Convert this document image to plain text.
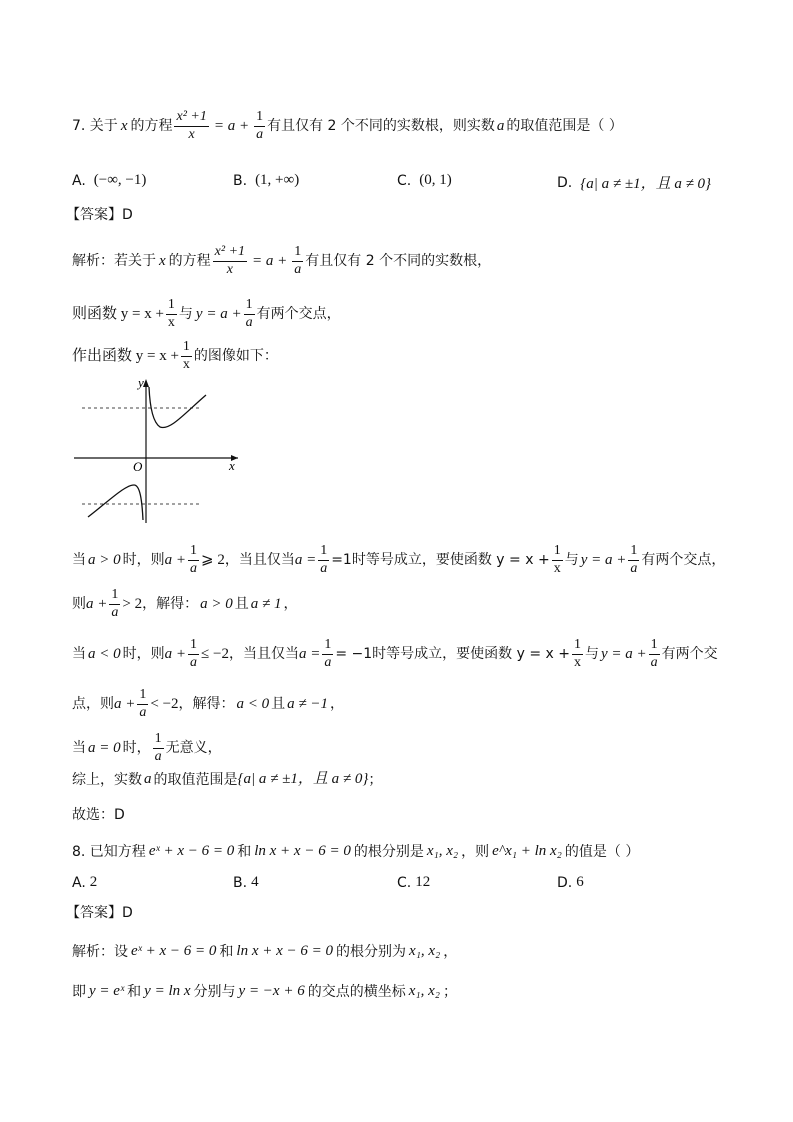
7. 关于 x 的方程 $\frac{\text{x² +1}}{x} = a + \frac{1}{a}$ 有且仅有 2 个不同的实数根，则实数 a 的取值范围是（ ）
A. (−∞, −1)	B. (1, +∞)	C. (0, 1)	D. {a| a ≠ ±1，且 a ≠ 0}
【答案】D
解析：若关于 x 的方程 $\frac{\text{x² +1}}{x} = a + \frac{1}{a}$ 有且仅有 2 个不同的实数根，
则函数 $y = x + \frac{1}{x}$ 与 $y = a + \frac{1}{a}$ 有两个交点，
作出函数 $y = x + \frac{1}{x}$ 的图像如下：
y
x
O
当 a > 0 时，则 $a + \frac{1}{a}$ ⩾ 2 ，当且仅当 $a = \frac{1}{a} =1$时等号成立，要使函数 $y = x + \frac{1}{x}$ 与 $y = a + \frac{1}{a}$ 有两个交点，
则 $a + \frac{1}{a} > 2$ ，解得： a > 0 且 a ≠ 1 ，
当 a < 0 时，则 $a + \frac{1}{a} \le -2$ ，当且仅当 $a = \frac{1}{a} = -1$时等号成立，要使函数 $y = x + \frac{1}{x}$ 与 $y = a + \frac{1}{a}$ 有两个交
点，则 $a + \frac{1}{a} < -2$ ，解得： a < 0 且 a ≠ −1 ，
当 a = 0 时， $\frac{1}{a}$ 无意义，
综上，实数 a 的取值范围是 {a| a ≠ ±1，且 a ≠ 0} ；
故选：D
8. 已知方程 eˣ + x − 6 = 0 和 ln x + x − 6 = 0 的根分别是 x₁, x₂ ，则 e^x₁ + ln x₂ 的值是（ ）
A. 2	B. 4	C. 12	D. 6
【答案】D
解析：设 eˣ + x − 6 = 0 和 ln x + x − 6 = 0 的根分别为 x₁, x₂ ，
即 y = eˣ 和 y = ln x 分别与 y = −x + 6 的交点的横坐标 x₁, x₂ ；
